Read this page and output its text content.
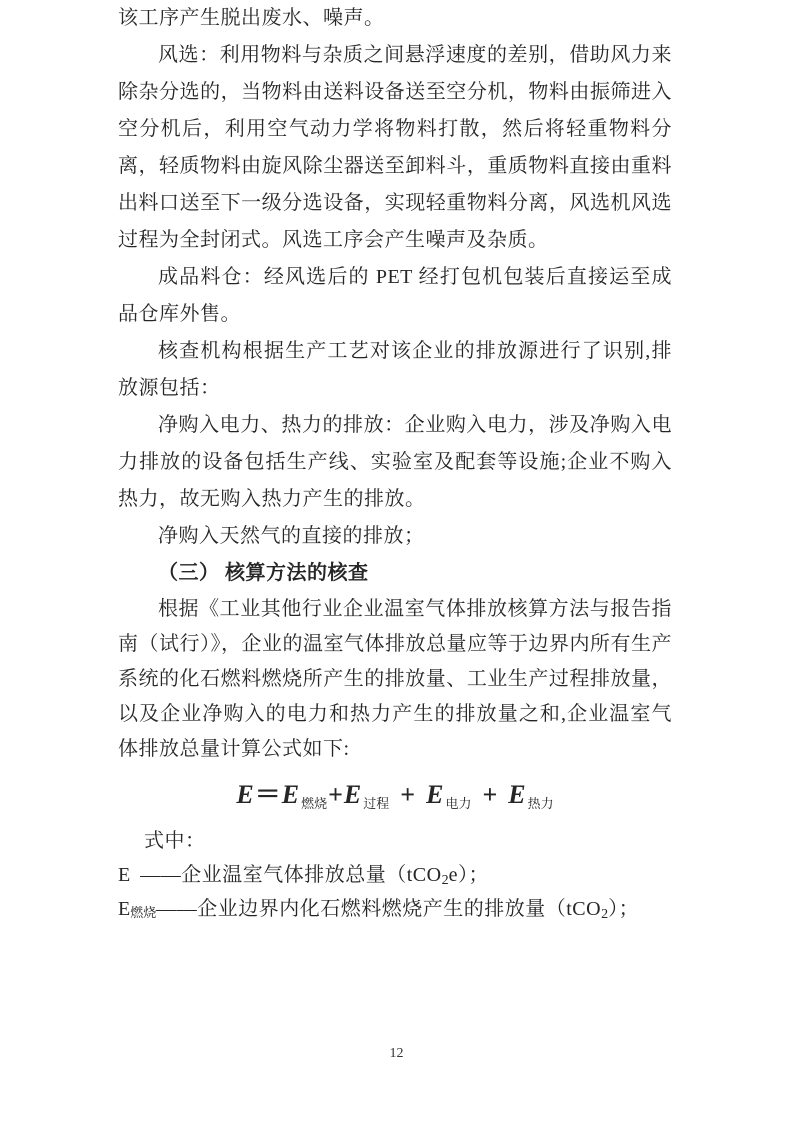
该工序产生脱出废水、噪声。

风选：利用物料与杂质之间悬浮速度的差别，借助风力来除杂分选的，当物料由送料设备送至空分机，物料由振筛进入空分机后，利用空气动力学将物料打散，然后将轻重物料分离，轻质物料由旋风除尘器送至卸料斗，重质物料直接由重料出料口送至下一级分选设备，实现轻重物料分离，风选机风选过程为全封闭式。风选工序会产生噪声及杂质。

成品料仓：经风选后的 PET 经打包机包装后直接运至成品仓库外售。

核查机构根据生产工艺对该企业的排放源进行了识别,排放源包括：

净购入电力、热力的排放：企业购入电力，涉及净购入电力排放的设备包括生产线、实验室及配套等设施;企业不购入热力，故无购入热力产生的排放。

净购入天然气的直接的排放；

（三） 核算方法的核查

根据《工业其他行业企业温室气体排放核算方法与报告指南（试行）》，企业的温室气体排放总量应等于边界内所有生产系统的化石燃料燃烧所产生的排放量、工业生产过程排放量，以及企业净购入的电力和热力产生的排放量之和,企业温室气体排放总量计算公式如下:

E＝E $_{燃烧}$+E $_{过程}$ + E $_{电力}$ + E $_{热力}$

式中：

E ——企业温室气体排放总量（tCO2e）；

E燃烧——企业边界内化石燃料燃烧产生的排放量（tCO2）；

12
